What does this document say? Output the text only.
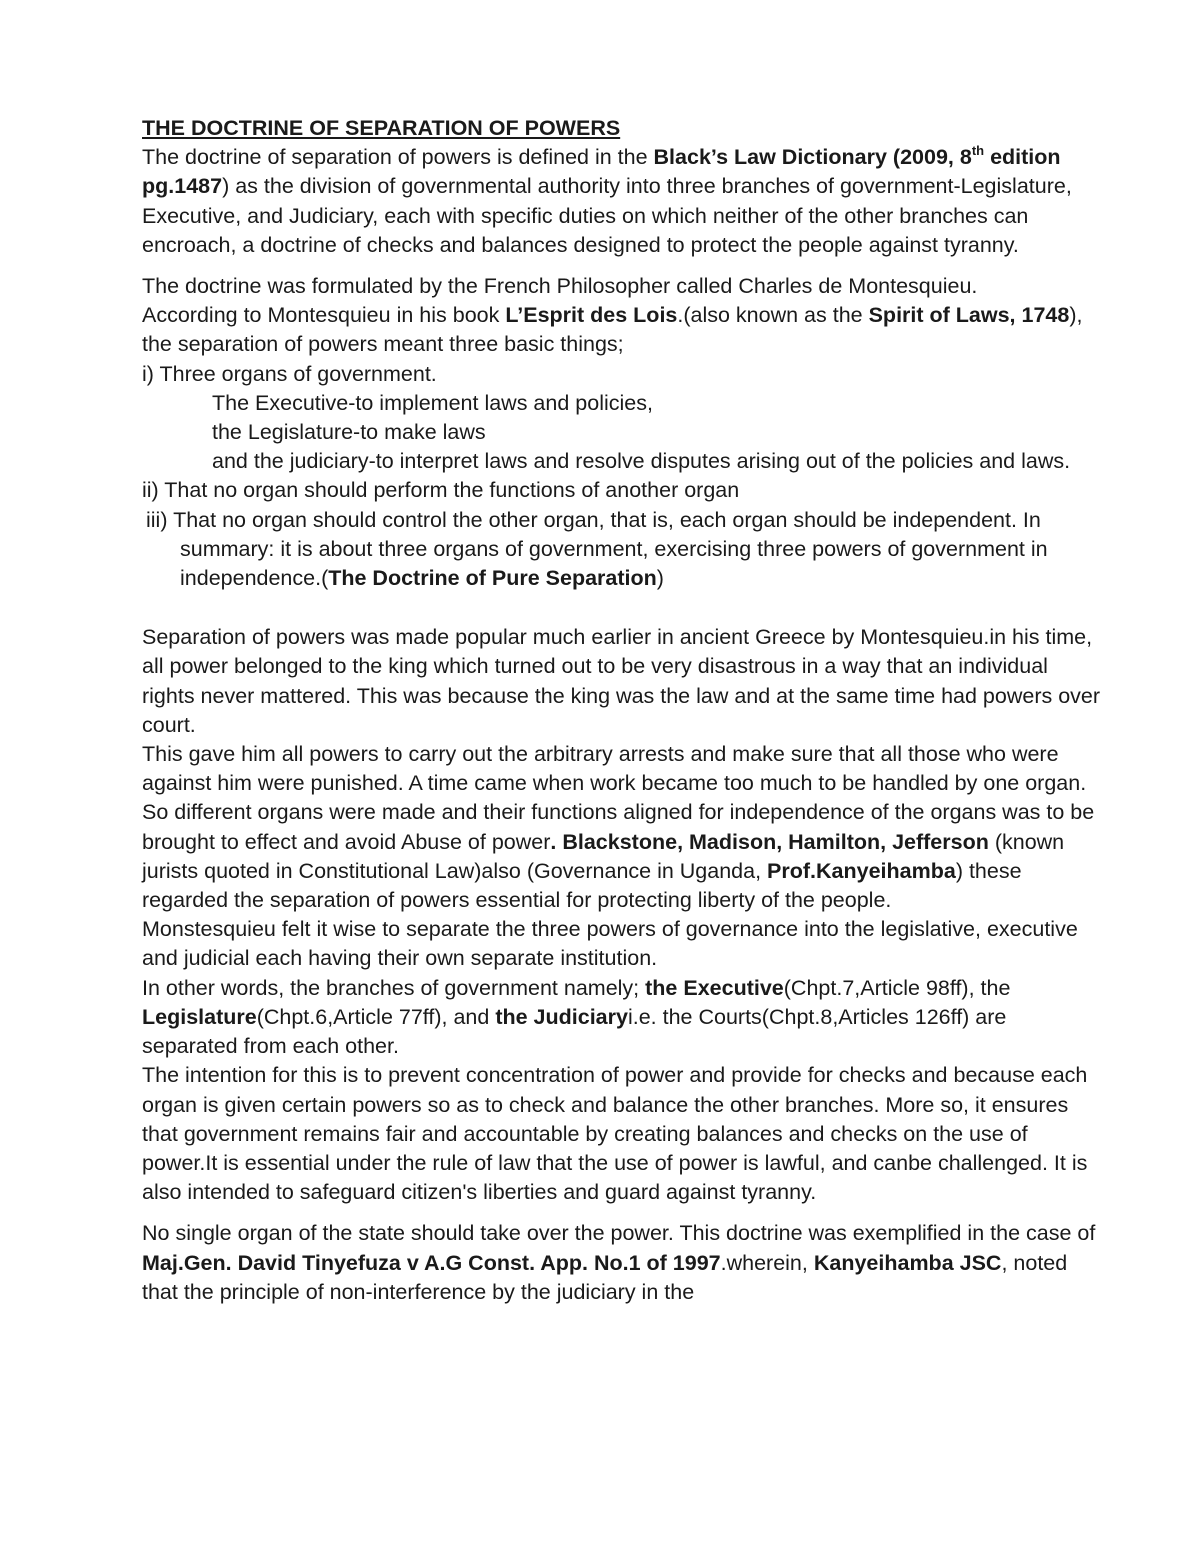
THE DOCTRINE OF SEPARATION OF POWERS

The doctrine of separation of powers is defined in the Black’s Law Dictionary (2009, 8th edition pg.1487) as the division of governmental authority into three branches of government-Legislature, Executive, and Judiciary, each with specific duties on which neither of the other branches can encroach, a doctrine of checks and balances designed to protect the people against tyranny.

The doctrine was formulated by the French Philosopher called Charles de Montesquieu.

According to Montesquieu in his book L’Esprit des Lois.(also known as the Spirit of Laws, 1748), the separation of powers meant three basic things;

i) Three organs of government.

The Executive-to implement laws and policies,

the Legislature-to make laws

and the judiciary-to interpret laws and resolve disputes arising out of the policies and laws.

ii) That no organ should perform the functions of another organ

iii) That no organ should control the other organ, that is, each organ should be independent. In summary: it is about three organs of government, exercising three powers of government in independence.(The Doctrine of Pure Separation)

Separation of powers was made popular much earlier in ancient Greece by Montesquieu.in his time, all power belonged to the king which turned out to be very disastrous in a way that an individual rights never mattered. This was because the king was the law and at the same time had powers over court.

This gave him all powers to carry out the arbitrary arrests and make sure that all those who were against him were punished. A time came when work became too much to be handled by one organ. So different organs were made and their functions aligned for independence of the organs was to be brought to effect and avoid Abuse of power. Blackstone, Madison, Hamilton, Jefferson (known jurists quoted in Constitutional Law)also (Governance in Uganda, Prof.Kanyeihamba) these regarded the separation of powers essential for protecting liberty of the people.

Monstesquieu felt it wise to separate the three powers of governance into the legislative, executive and judicial each having their own separate institution.

In other words, the branches of government namely; the Executive(Chpt.7,Article 98ff), the Legislature(Chpt.6,Article 77ff), and the Judiciaryi.e. the Courts(Chpt.8,Articles 126ff) are separated from each other.

The intention for this is to prevent concentration of power and provide for checks and because each organ is given certain powers so as to check and balance the other branches. More so, it ensures that government remains fair and accountable by creating balances and checks on the use of power.It is essential under the rule of law that the use of power is lawful, and canbe challenged. It is also intended to safeguard citizen's liberties and guard against tyranny.

No single organ of the state should take over the power. This doctrine was exemplified in the case of Maj.Gen. David Tinyefuza v A.G Const. App. No.1 of 1997.wherein, Kanyeihamba JSC, noted that the principle of non-interference by the judiciary in the
